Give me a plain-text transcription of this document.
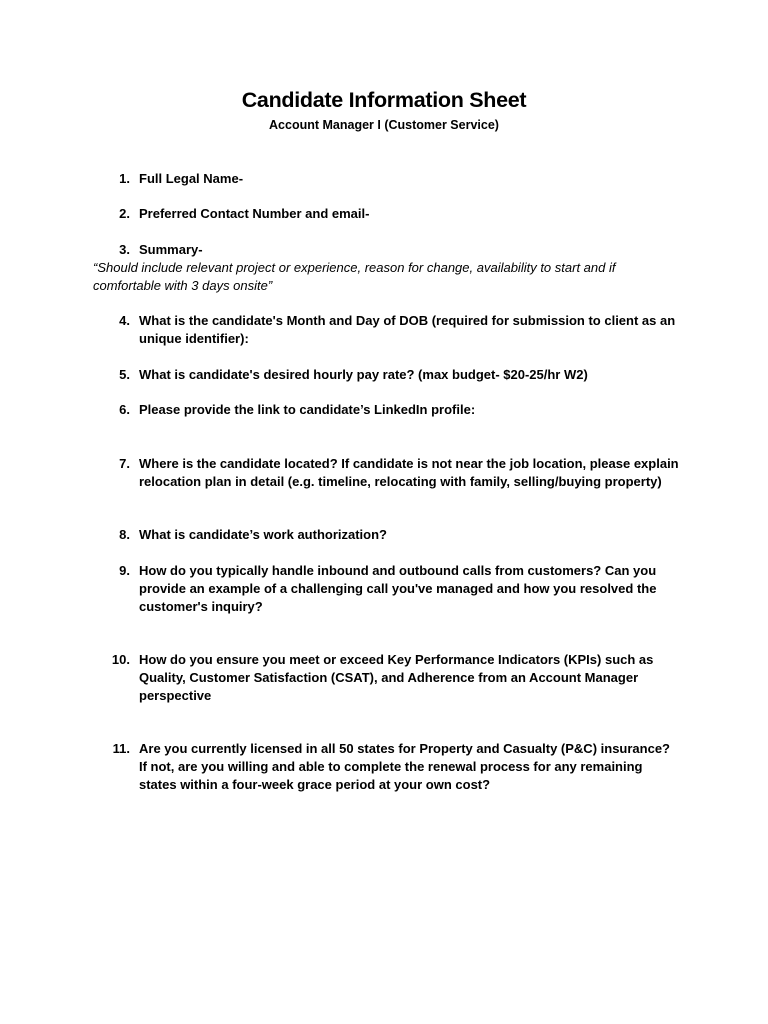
Candidate Information Sheet
Account Manager I (Customer Service)
1. Full Legal Name-
2. Preferred Contact Number and email-
3. Summary-
“Should include relevant project or experience, reason for change, availability to start and if comfortable with 3 days onsite”
4. What is the candidate's Month and Day of DOB (required for submission to client as an unique identifier):
5. What is candidate's desired hourly pay rate? (max budget- $20-25/hr W2)
6. Please provide the link to candidate’s LinkedIn profile:
7. Where is the candidate located? If candidate is not near the job location, please explain relocation plan in detail (e.g. timeline, relocating with family, selling/buying property)
8. What is candidate’s work authorization?
9. How do you typically handle inbound and outbound calls from customers? Can you provide an example of a challenging call you've managed and how you resolved the customer's inquiry?
10. How do you ensure you meet or exceed Key Performance Indicators (KPIs) such as Quality, Customer Satisfaction (CSAT), and Adherence from an Account Manager perspective
11. Are you currently licensed in all 50 states for Property and Casualty (P&C) insurance? If not, are you willing and able to complete the renewal process for any remaining states within a four-week grace period at your own cost?
